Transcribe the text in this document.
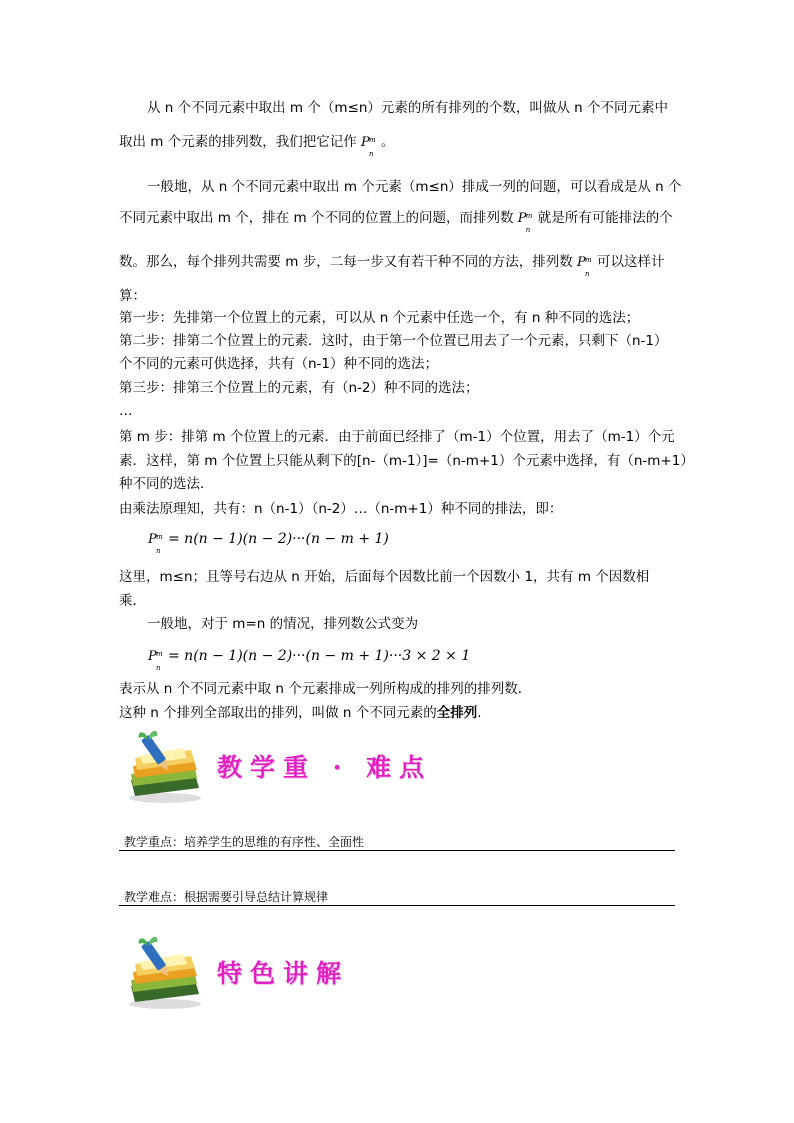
从 n 个不同元素中取出 m 个（m≤n）元素的所有排列的个数，叫做从 n 个不同元素中
取出 m 个元素的排列数，我们把它记作 P m
n
。
一般地，从 n 个不同元素中取出 m 个元素（m≤n）排成一列的问题，可以看成是从 n 个
不同元素中取出 m 个，排在 m 个不同的位置上的问题，而排列数 P m
n
就是所有可能排法的个
数。那么，每个排列共需要 m 步，二每一步又有若干种不同的方法，排列数 P m
n
可以这样计
算：
第一步：先排第一个位置上的元素，可以从 n 个元素中任选一个，有 n 种不同的选法；
第二步：排第二个位置上的元素．这时，由于第一个位置已用去了一个元素，只剩下（n-1）
个不同的元素可供选择，共有（n-1）种不同的选法；
第三步：排第三个位置上的元素，有（n-2）种不同的选法；
…
第 m 步：排第 m 个位置上的元素．由于前面已经排了（m-1）个位置，用去了（m-1）个元
素．这样，第 m 个位置上只能从剩下的[n-（m-1）]=（n-m+1）个元素中选择，有（n-m+1）
种不同的选法．
由乘法原理知，共有：n（n-1）（n-2）…（n-m+1）种不同的排法，即：
P m
n
= n(n − 1)(n − 2)···(n − m + 1)
这里，m≤n；且等号右边从 n 开始，后面每个因数比前一个因数小 1，共有 m 个因数相
乘．
一般地，对于 m=n 的情况，排列数公式变为
P m
n
= n(n − 1)(n − 2)···(n − m + 1)···3 × 2 × 1
表示从 n 个不同元素中取 n 个元素排成一列所构成的排列的排列数．
这种 n 个排列全部取出的排列，叫做 n 个不同元素的全排列.
教学重 · 难点
教学重点：培养学生的思维的有序性、全面性
教学难点：根据需要引导总结计算规律
特色讲解
